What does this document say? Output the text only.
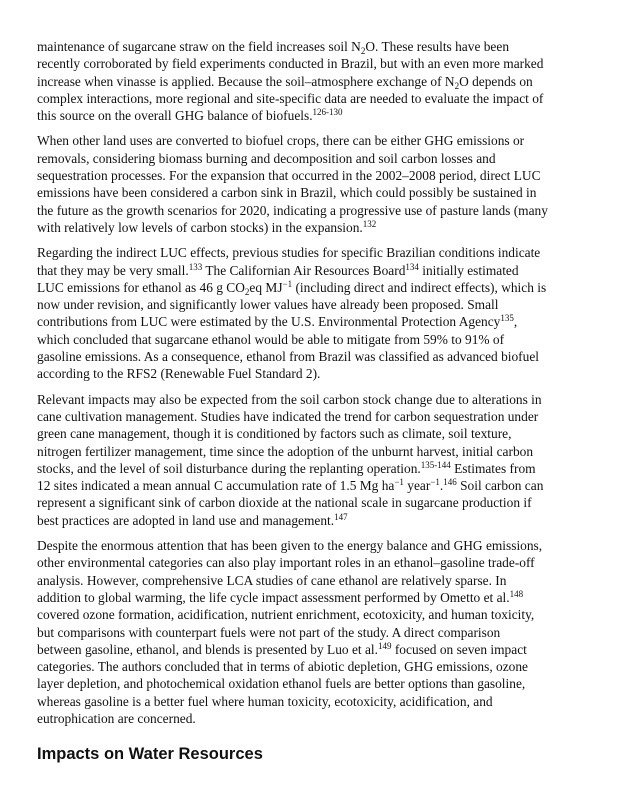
maintenance of sugarcane straw on the field increases soil $N_2O$. These results have been
recently corroborated by field experiments conducted in Brazil, but with an even more marked
increase when vinasse is applied. Because the soil–atmosphere exchange of $N_2O$ depends on
complex interactions, more regional and site-specific data are needed to evaluate the impact of
this source on the overall GHG balance of biofuels.$^{126-130}$

When other land uses are converted to biofuel crops, there can be either GHG emissions or
removals, considering biomass burning and decomposition and soil carbon losses and
sequestration processes. For the expansion that occurred in the 2002–2008 period, direct LUC
emissions have been considered a carbon sink in Brazil, which could possibly be sustained in
the future as the growth scenarios for 2020, indicating a progressive use of pasture lands (many
with relatively low levels of carbon stocks) in the expansion.$^{132}$

Regarding the indirect LUC effects, previous studies for specific Brazilian conditions indicate
that they may be very small.$^{133}$ The Californian Air Resources Board$^{134}$ initially estimated
LUC emissions for ethanol as 46 g $CO_2eq$ $MJ^{-1}$ (including direct and indirect effects), which is
now under revision, and significantly lower values have already been proposed. Small
contributions from LUC were estimated by the U.S. Environmental Protection Agency$^{135}$,
which concluded that sugarcane ethanol would be able to mitigate from 59% to 91% of
gasoline emissions. As a consequence, ethanol from Brazil was classified as advanced biofuel
according to the RFS2 (Renewable Fuel Standard 2).

Relevant impacts may also be expected from the soil carbon stock change due to alterations in
cane cultivation management. Studies have indicated the trend for carbon sequestration under
green cane management, though it is conditioned by factors such as climate, soil texture,
nitrogen fertilizer management, time since the adoption of the unburnt harvest, initial carbon
stocks, and the level of soil disturbance during the replanting operation.$^{135-144}$ Estimates from
12 sites indicated a mean annual C accumulation rate of 1.5 Mg $ha^{-1}$ year$^{-1}$.$^{146}$ Soil carbon can
represent a significant sink of carbon dioxide at the national scale in sugarcane production if
best practices are adopted in land use and management.$^{147}$

Despite the enormous attention that has been given to the energy balance and GHG emissions,
other environmental categories can also play important roles in an ethanol–gasoline trade-off
analysis. However, comprehensive LCA studies of cane ethanol are relatively sparse. In
addition to global warming, the life cycle impact assessment performed by Ometto et al.$^{148}$
covered ozone formation, acidification, nutrient enrichment, ecotoxicity, and human toxicity,
but comparisons with counterpart fuels were not part of the study. A direct comparison
between gasoline, ethanol, and blends is presented by Luo et al.$^{149}$ focused on seven impact
categories. The authors concluded that in terms of abiotic depletion, GHG emissions, ozone
layer depletion, and photochemical oxidation ethanol fuels are better options than gasoline,
whereas gasoline is a better fuel where human toxicity, ecotoxicity, acidification, and
eutrophication are concerned.

Impacts on Water Resources
